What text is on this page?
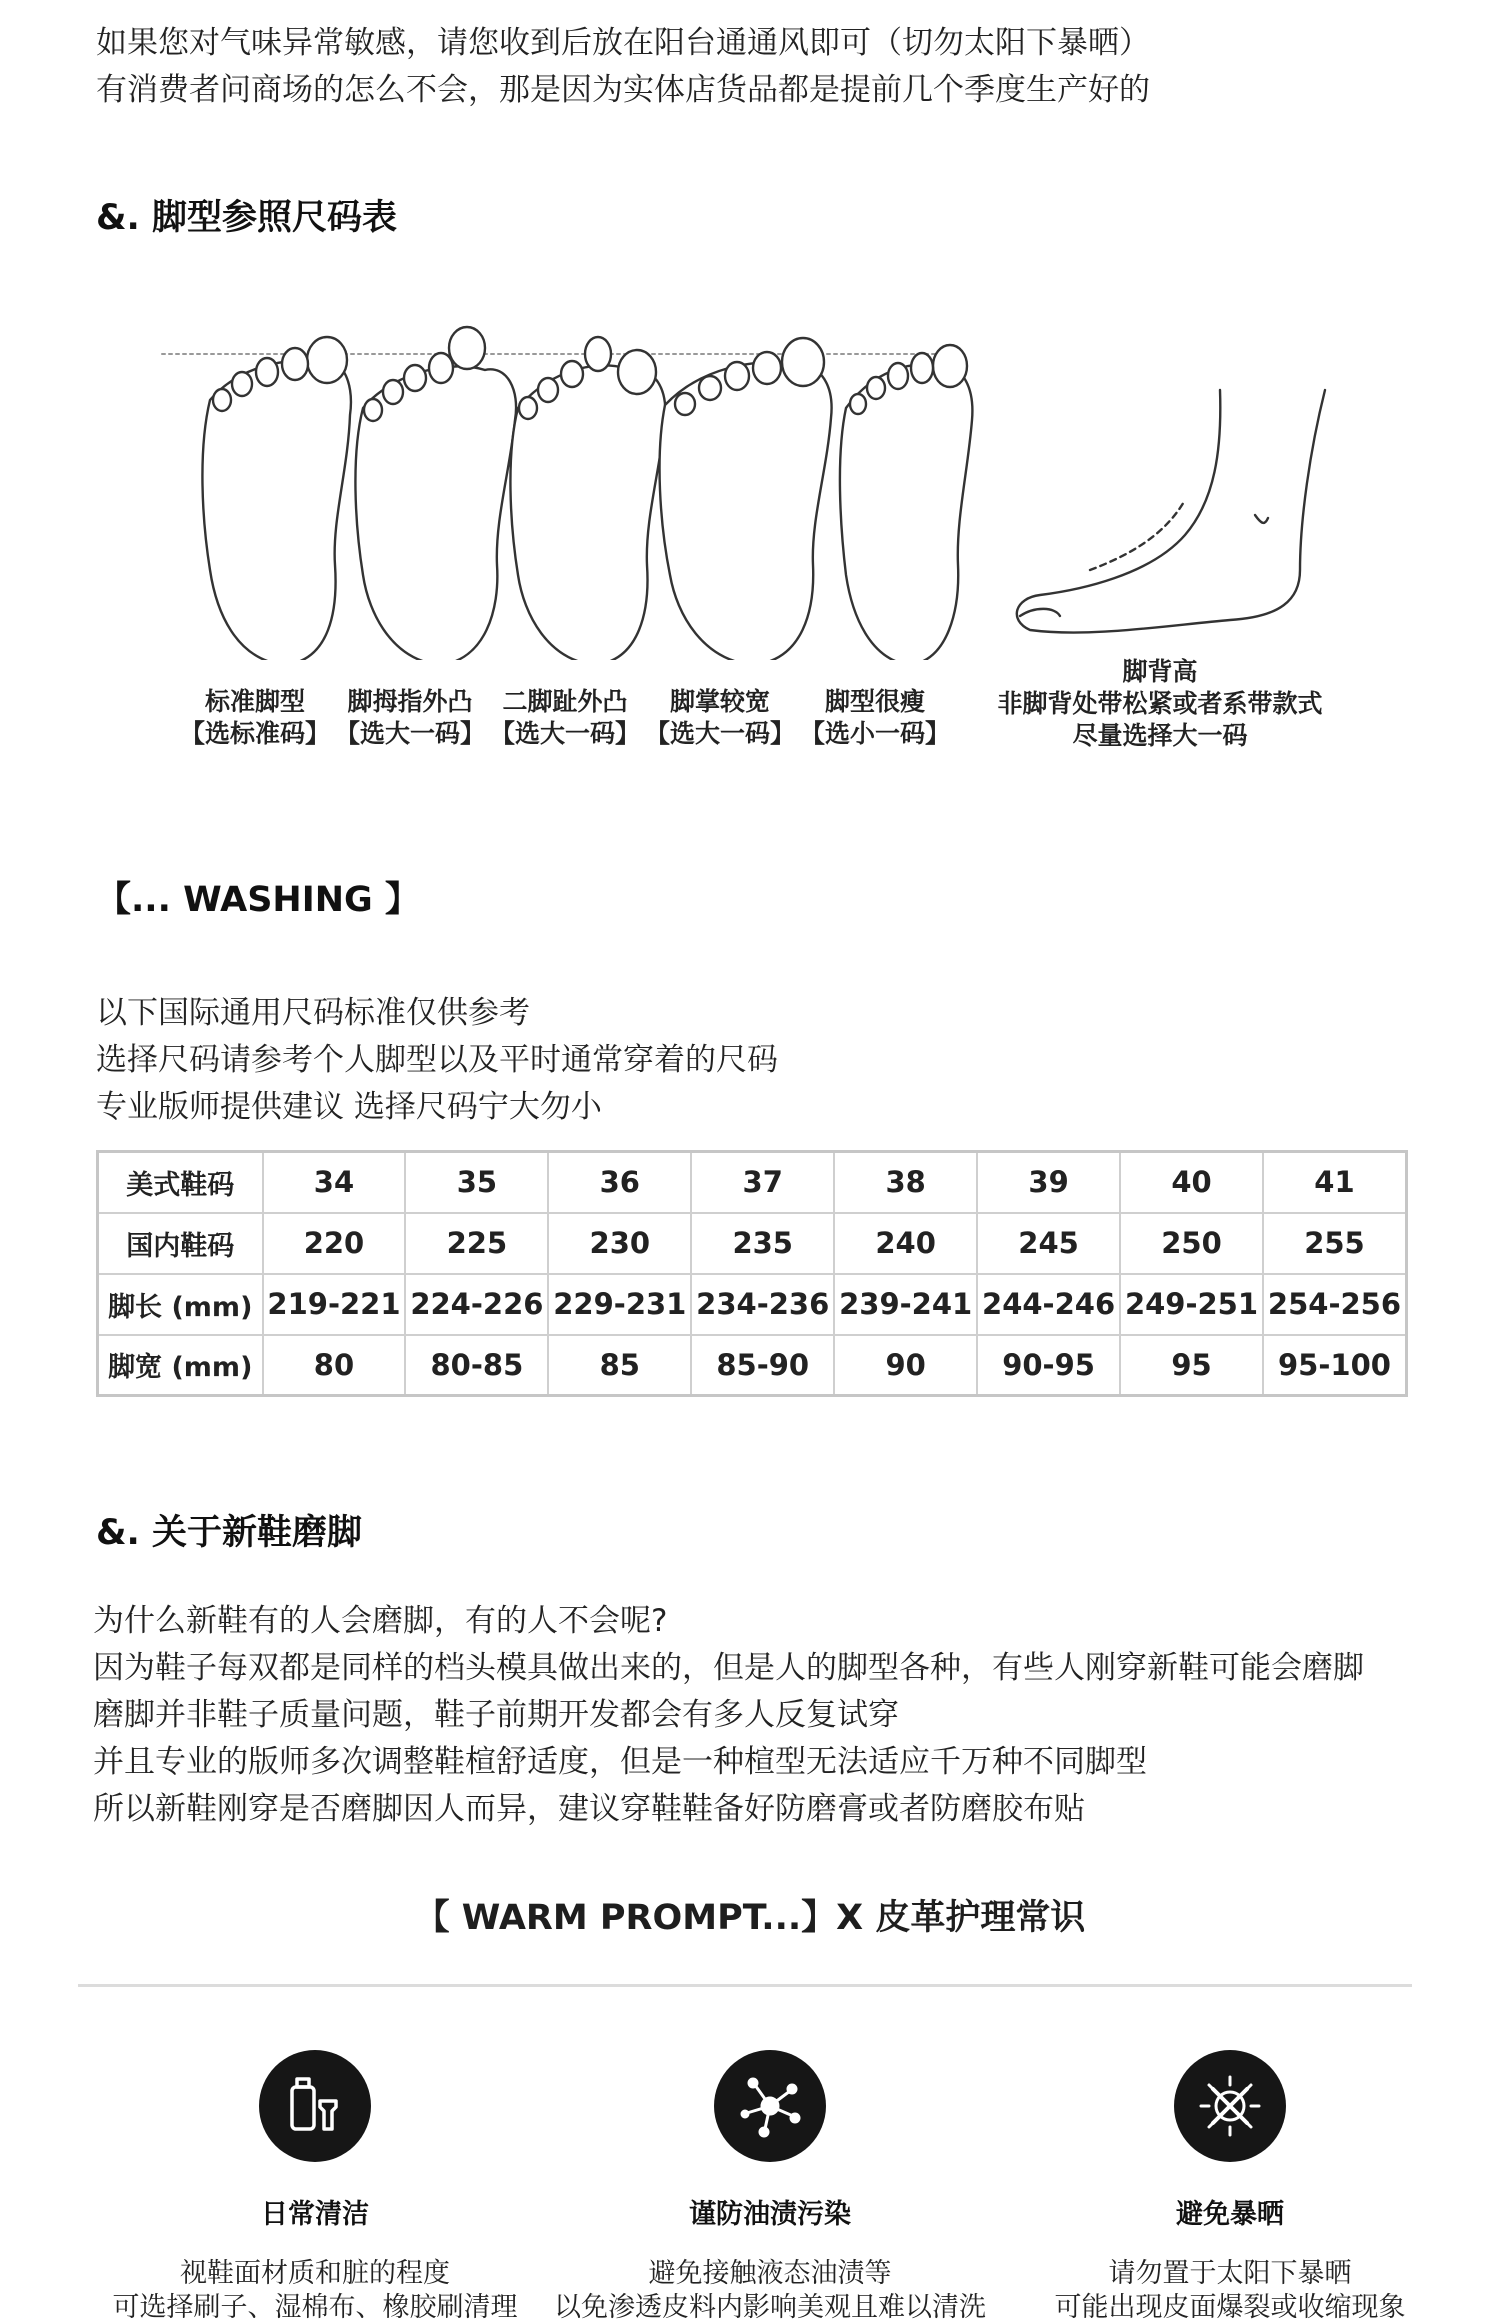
如果您对气味异常敏感，请您收到后放在阳台通通风即可（切勿太阳下暴晒）
有消费者问商场的怎么不会，那是因为实体店货品都是提前几个季度生产好的
&. 脚型参照尺码表
标准脚型
【选标准码】
脚拇指外凸
【选大一码】
二脚趾外凸
【选大一码】
脚掌较宽
【选大一码】
脚型很瘦
【选小一码】
脚背高
非脚背处带松紧或者系带款式
尽量选择大一码
【... WASHING 】
以下国际通用尺码标准仅供参考
选择尺码请参考个人脚型以及平时通常穿着的尺码
专业版师提供建议 选择尺码宁大勿小
美式鞋码	34	35	36	37	38	39	40	41
国内鞋码	220	225	230	235	240	245	250	255
脚长 (mm)	219-221	224-226	229-231	234-236	239-241	244-246	249-251	254-256
脚宽 (mm)	80	80-85	85	85-90	90	90-95	95	95-100
&. 关于新鞋磨脚
为什么新鞋有的人会磨脚，有的人不会呢?
因为鞋子每双都是同样的档头模具做出来的，但是人的脚型各种，有些人刚穿新鞋可能会磨脚
磨脚并非鞋子质量问题，鞋子前期开发都会有多人反复试穿
并且专业的版师多次调整鞋楦舒适度，但是一种楦型无法适应千万种不同脚型
所以新鞋刚穿是否磨脚因人而异，建议穿鞋鞋备好防磨膏或者防磨胶布贴
【 WARM PROMPT...】X 皮革护理常识
日常清洁
视鞋面材质和脏的程度
可选择刷子、湿棉布、橡胶刷清理
谨防油渍污染
避免接触液态油渍等
以免渗透皮料内影响美观且难以清洗
避免暴晒
请勿置于太阳下暴晒
可能出现皮面爆裂或收缩现象
